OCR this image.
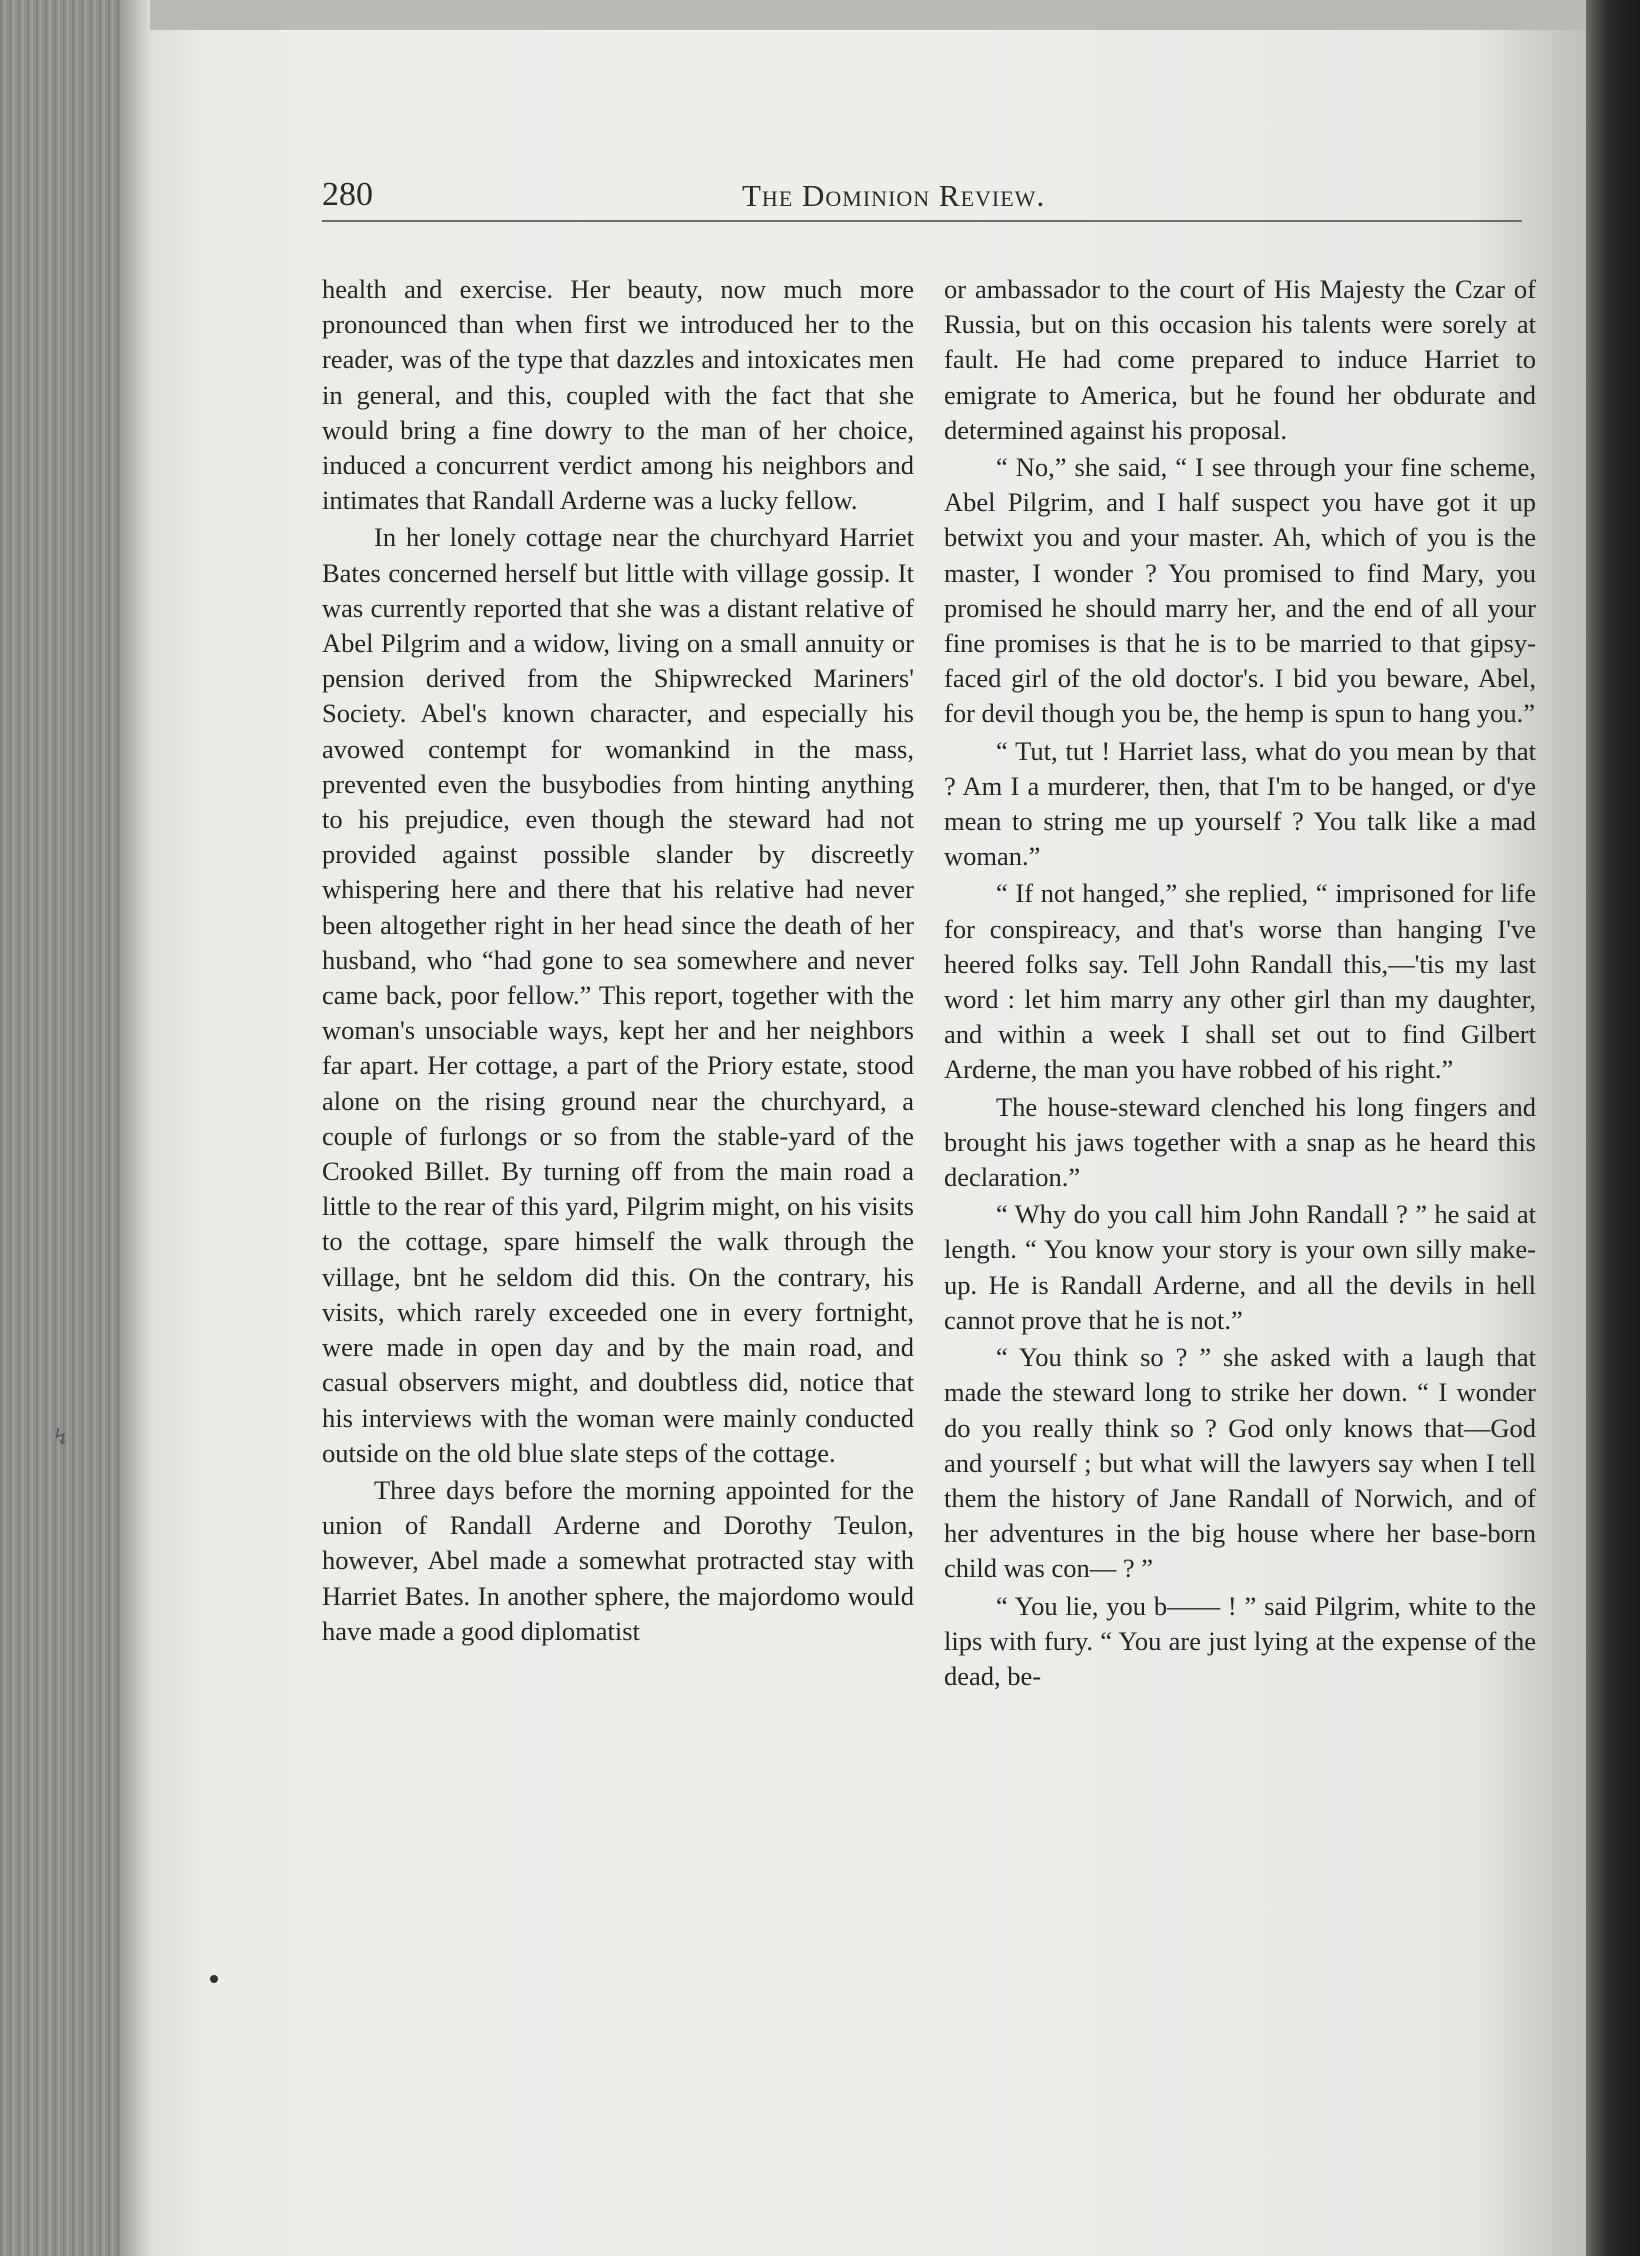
280	The Dominion Review.

health and exercise. Her beauty, now much more pronounced than when first we introduced her to the reader, was of the type that dazzles and intoxicates men in general, and this, coupled with the fact that she would bring a fine dowry to the man of her choice, induced a concurrent verdict among his neighbors and intimates that Randall Arderne was a lucky fellow.

In her lonely cottage near the churchyard Harriet Bates concerned herself but little with village gossip. It was currently reported that she was a distant relative of Abel Pilgrim and a widow, living on a small annuity or pension derived from the Shipwrecked Mariners' Society. Abel's known character, and especially his avowed contempt for womankind in the mass, prevented even the busybodies from hinting anything to his prejudice, even though the steward had not provided against possible slander by discreetly whispering here and there that his relative had never been altogether right in her head since the death of her husband, who “had gone to sea somewhere and never came back, poor fellow.” This report, together with the woman's unsociable ways, kept her and her neighbors far apart. Her cottage, a part of the Priory estate, stood alone on the rising ground near the churchyard, a couple of furlongs or so from the stable-yard of the Crooked Billet. By turning off from the main road a little to the rear of this yard, Pilgrim might, on his visits to the cottage, spare himself the walk through the village, bnt he seldom did this. On the contrary, his visits, which rarely exceeded one in every fortnight, were made in open day and by the main road, and casual observers might, and doubtless did, notice that his interviews with the woman were mainly conducted outside on the old blue slate steps of the cottage.

Three days before the morning appointed for the union of Randall Arderne and Dorothy Teulon, however, Abel made a somewhat protracted stay with Harriet Bates. In another sphere, the majordomo would have made a good diplomatist

or ambassador to the court of His Majesty the Czar of Russia, but on this occasion his talents were sorely at fault. He had come prepared to induce Harriet to emigrate to America, but he found her obdurate and determined against his proposal.

“ No,” she said, “ I see through your fine scheme, Abel Pilgrim, and I half suspect you have got it up betwixt you and your master. Ah, which of you is the master, I wonder ? You promised to find Mary, you promised he should marry her, and the end of all your fine promises is that he is to be married to that gipsy-faced girl of the old doctor's. I bid you beware, Abel, for devil though you be, the hemp is spun to hang you.”

“ Tut, tut ! Harriet lass, what do you mean by that ? Am I a murderer, then, that I'm to be hanged, or d'ye mean to string me up yourself ? You talk like a mad woman.”

“ If not hanged,” she replied, “ imprisoned for life for conspireacy, and that's worse than hanging I've heered folks say. Tell John Randall this,—'tis my last word : let him marry any other girl than my daughter, and within a week I shall set out to find Gilbert Arderne, the man you have robbed of his right.”

The house-steward clenched his long fingers and brought his jaws together with a snap as he heard this declaration.”

“ Why do you call him John Randall ? ” he said at length. “ You know your story is your own silly make-up. He is Randall Arderne, and all the devils in hell cannot prove that he is not.”

“ You think so ? ” she asked with a laugh that made the steward long to strike her down. “ I wonder do you really think so ? God only knows that—God and yourself ; but what will the lawyers say when I tell them the history of Jane Randall of Norwich, and of her adventures in the big house where her base-born child was con— ? ”

“ You lie, you b—— ! ” said Pilgrim, white to the lips with fury. “ You are just lying at the expense of the dead, be-

↯
